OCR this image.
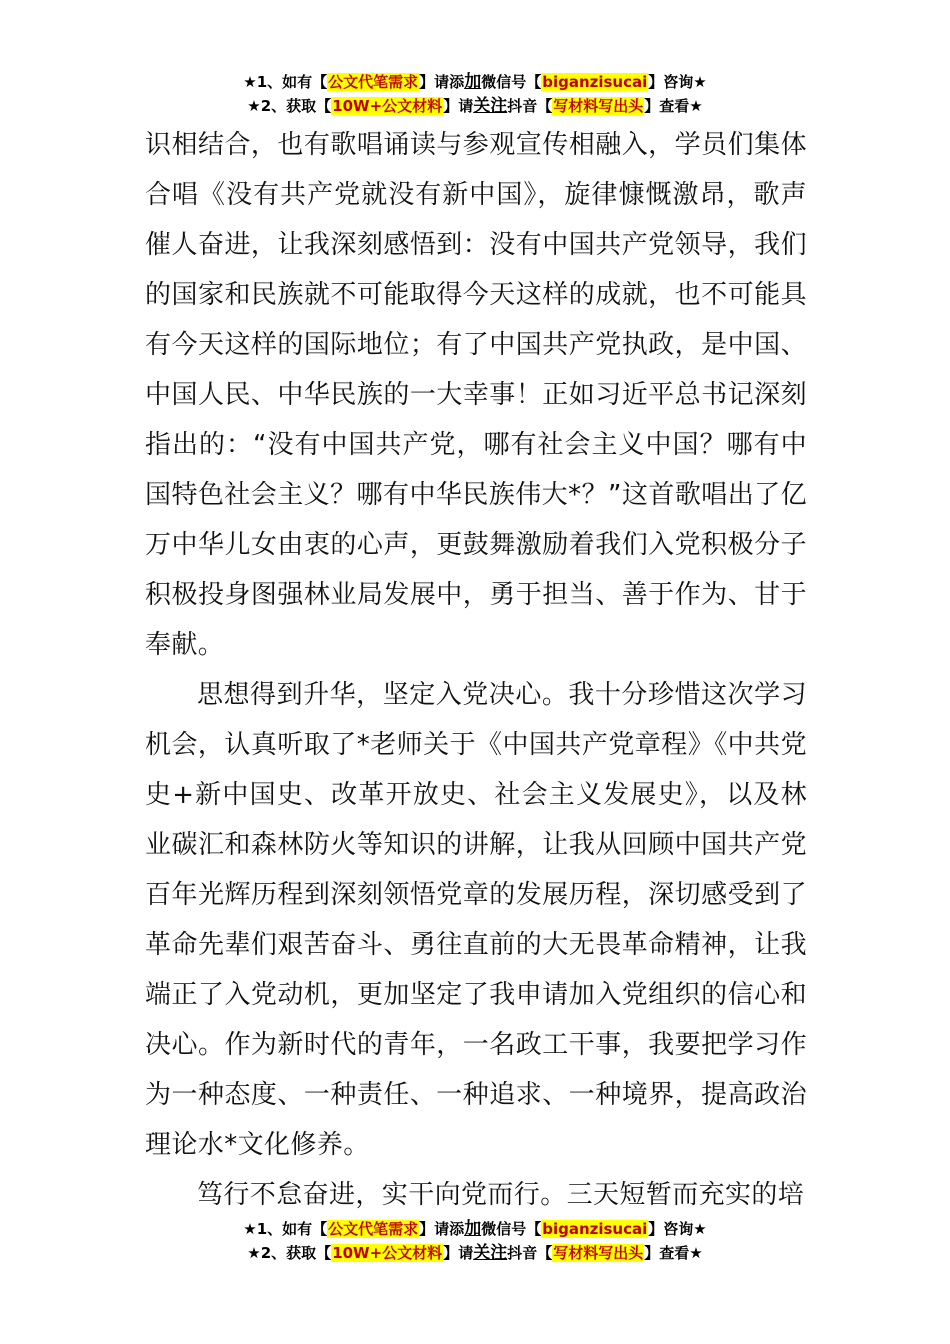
★1、如有【公文代笔需求】请添加微信号【biganzisucai】咨询★
★2、获取【10W+公文材料】请关注抖音【写材料写出头】查看★

识相结合，也有歌唱诵读与参观宣传相融入，学员们集体合唱《没有共产党就没有新中国》，旋律慷慨激昂，歌声催人奋进，让我深刻感悟到：没有中国共产党领导，我们的国家和民族就不可能取得今天这样的成就，也不可能具有今天这样的国际地位；有了中国共产党执政，是中国、中国人民、中华民族的一大幸事！正如习近平总书记深刻指出的：“没有中国共产党，哪有社会主义中国？哪有中国特色社会主义？哪有中华民族伟大*？”这首歌唱出了亿万中华儿女由衷的心声，更鼓舞激励着我们入党积极分子积极投身图强林业局发展中，勇于担当、善于作为、甘于奉献。

思想得到升华，坚定入党决心。我十分珍惜这次学习机会，认真听取了*老师关于《中国共产党章程》《中共党史+新中国史、改革开放史、社会主义发展史》，以及林业碳汇和森林防火等知识的讲解，让我从回顾中国共产党百年光辉历程到深刻领悟党章的发展历程，深切感受到了革命先辈们艰苦奋斗、勇往直前的大无畏革命精神，让我端正了入党动机，更加坚定了我申请加入党组织的信心和决心。作为新时代的青年，一名政工干事，我要把学习作为一种态度、一种责任、一种追求、一种境界，提高政治理论水*文化修养。

笃行不怠奋进，实干向党而行。三天短暂而充实的培

★1、如有【公文代笔需求】请添加微信号【biganzisucai】咨询★
★2、获取【10W+公文材料】请关注抖音【写材料写出头】查看★
